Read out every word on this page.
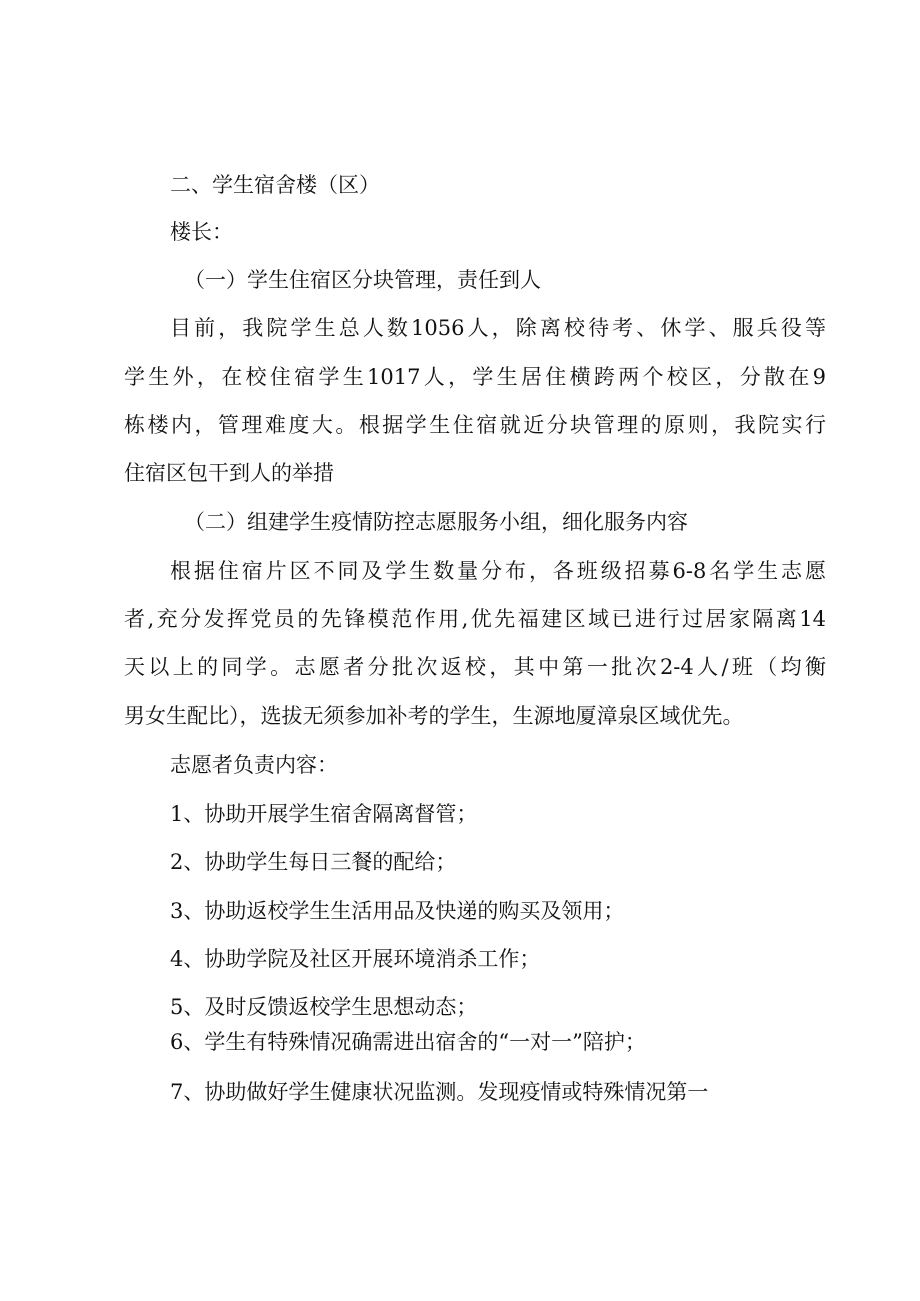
二、学生宿舍楼（区）
楼长：
（一）学生住宿区分块管理，责任到人
目前，我院学生总人数1056人，除离校待考、休学、服兵役等
学生外，在校住宿学生1017人，学生居住横跨两个校区，分散在9
栋楼内，管理难度大。根据学生住宿就近分块管理的原则，我院实行
住宿区包干到人的举措
（二）组建学生疫情防控志愿服务小组，细化服务内容
根据住宿片区不同及学生数量分布，各班级招募6-8名学生志愿
者,充分发挥党员的先锋模范作用,优先福建区域已进行过居家隔离14
天以上的同学。志愿者分批次返校，其中第一批次2-4人/班（均衡
男女生配比），选拔无须参加补考的学生，生源地厦漳泉区域优先。
志愿者负责内容：
1、协助开展学生宿舍隔离督管；
2、协助学生每日三餐的配给；
3、协助返校学生生活用品及快递的购买及领用；
4、协助学院及社区开展环境消杀工作；
5、及时反馈返校学生思想动态；
6、学生有特殊情况确需进出宿舍的“一对一”陪护；
7、协助做好学生健康状况监测。发现疫情或特殊情况第一
